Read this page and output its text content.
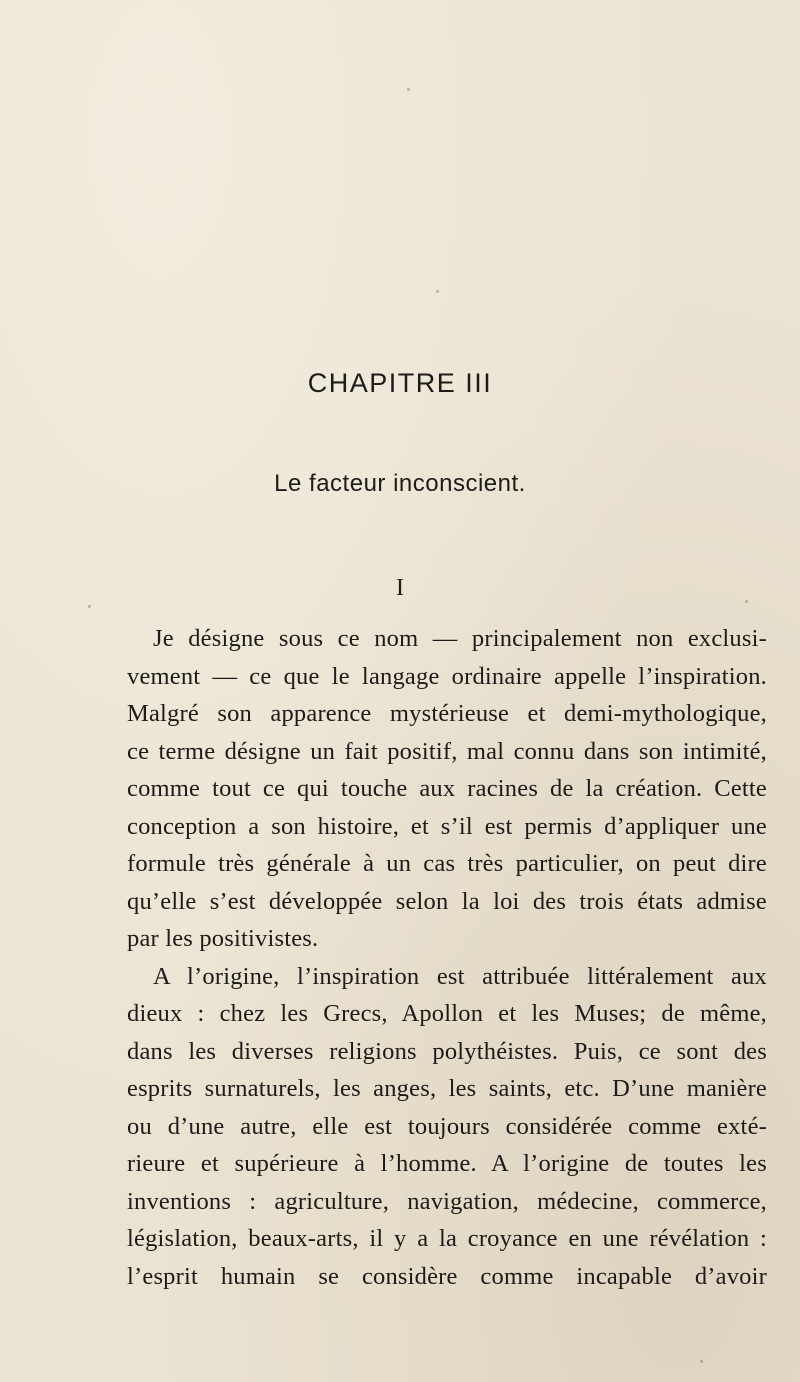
CHAPITRE III
Le facteur inconscient.
I
Je désigne sous ce nom — principalement non exclusi-
vement — ce que le langage ordinaire appelle l’inspiration.
Malgré son apparence mystérieuse et demi-mythologique,
ce terme désigne un fait positif, mal connu dans son intimité,
comme tout ce qui touche aux racines de la création. Cette
conception a son histoire, et s’il est permis d’appliquer une
formule très générale à un cas très particulier, on peut dire
qu’elle s’est développée selon la loi des trois états admise
par les positivistes.
A l’origine, l’inspiration est attribuée littéralement aux
dieux : chez les Grecs, Apollon et les Muses; de même,
dans les diverses religions polythéistes. Puis, ce sont des
esprits surnaturels, les anges, les saints, etc. D’une manière
ou d’une autre, elle est toujours considérée comme exté-
rieure et supérieure à l’homme. A l’origine de toutes les
inventions : agriculture, navigation, médecine, commerce,
législation, beaux-arts, il y a la croyance en une révélation :
l’esprit humain se considère comme incapable d’avoir
